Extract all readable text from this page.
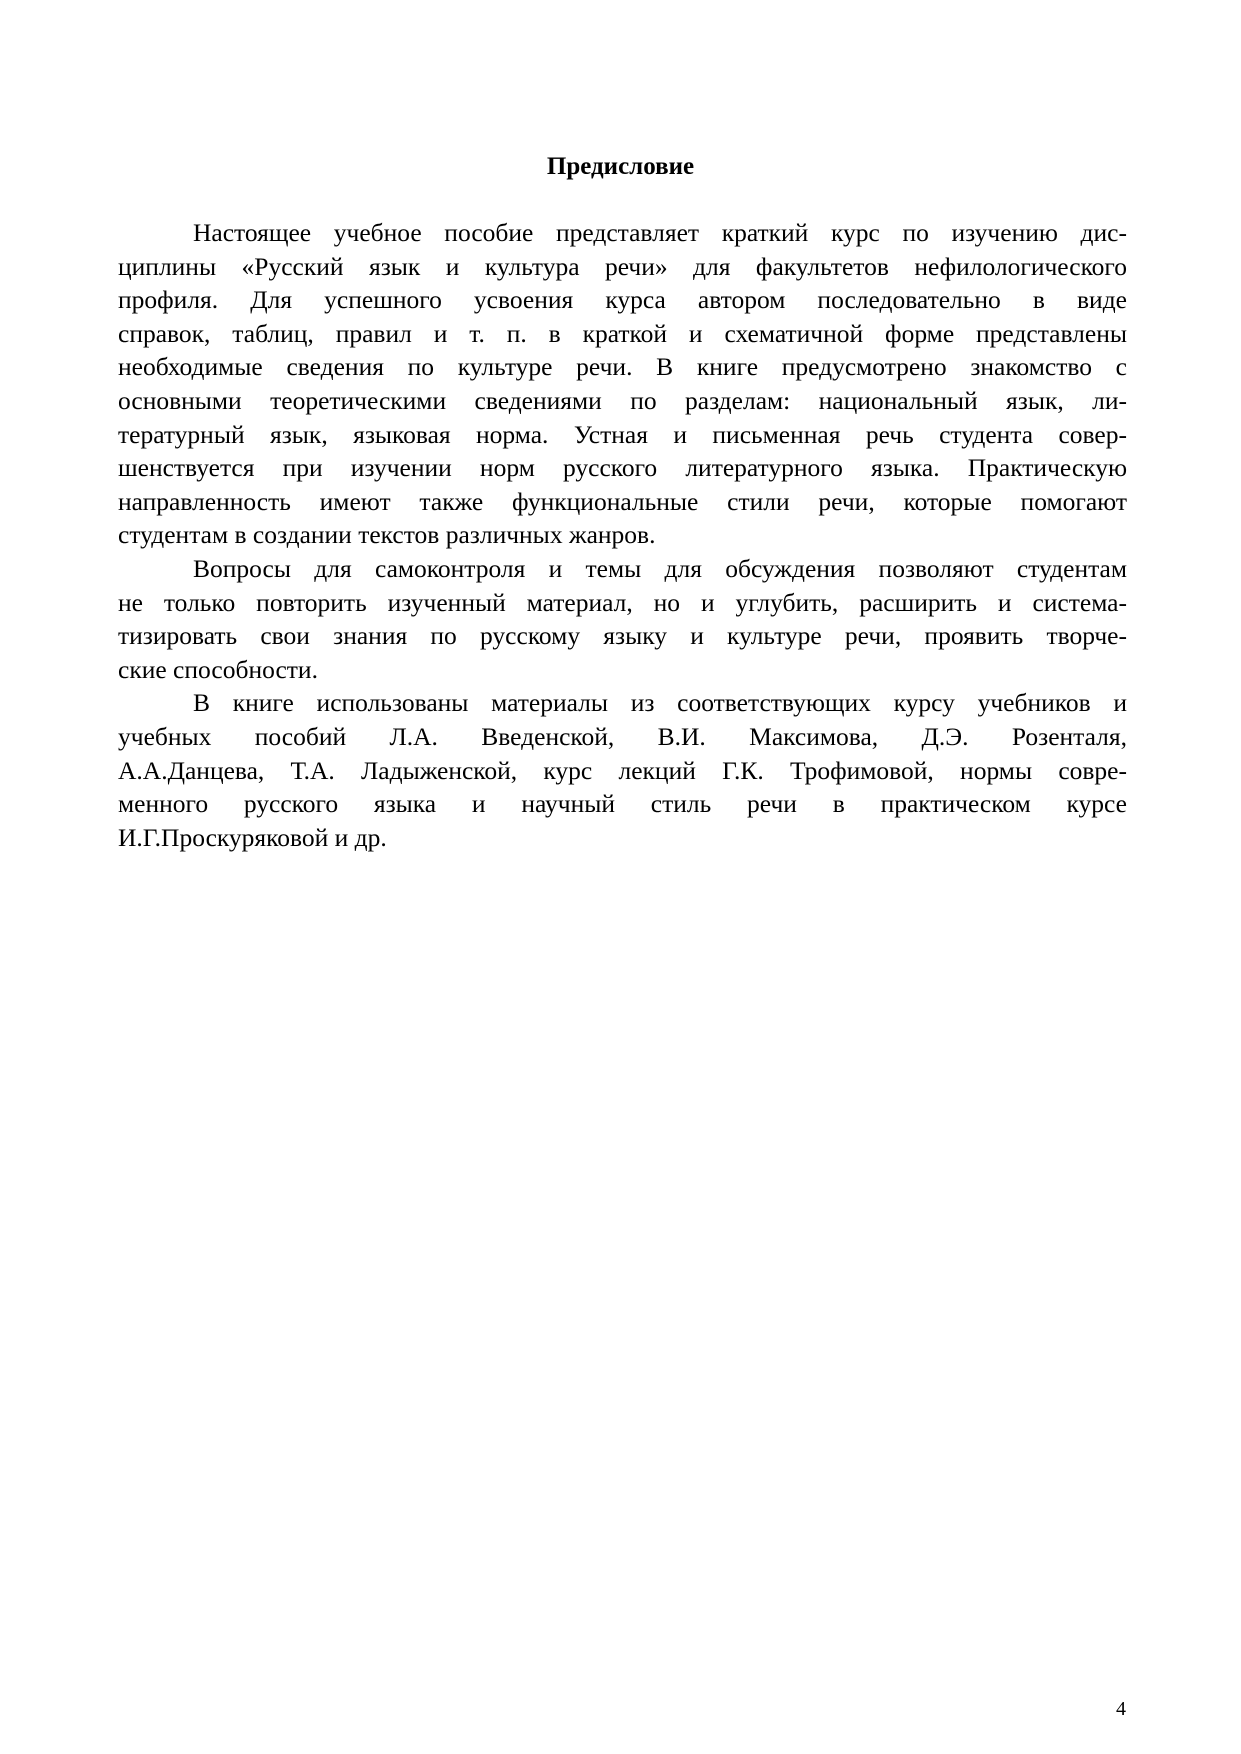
Предисловие
Настоящее учебное пособие представляет краткий курс по изучению дис-
циплины «Русский язык и культура речи» для факультетов нефилологического
профиля. Для успешного усвоения курса автором последовательно в виде
справок, таблиц, правил и т. п. в краткой и схематичной форме представлены
необходимые сведения по культуре речи. В книге предусмотрено знакомство с
основными теоретическими сведениями по разделам: национальный язык, ли-
тературный язык, языковая норма. Устная и письменная речь студента совер-
шенствуется при изучении норм русского литературного языка. Практическую
направленность имеют также функциональные стили речи, которые помогают
студентам в создании текстов различных жанров.
Вопросы для самоконтроля и темы для обсуждения позволяют студентам
не только повторить изученный материал, но и углубить, расширить и система-
тизировать свои знания по русскому языку и культуре речи, проявить творче-
ские способности.
В книге использованы материалы из соответствующих курсу учебников и
учебных пособий Л.А. Введенской, В.И. Максимова, Д.Э. Розенталя,
А.А.Данцева, Т.А. Ладыженской, курс лекций Г.К. Трофимовой, нормы совре-
менного русского языка и научный стиль речи в практическом курсе
И.Г.Проскуряковой и др.
4
